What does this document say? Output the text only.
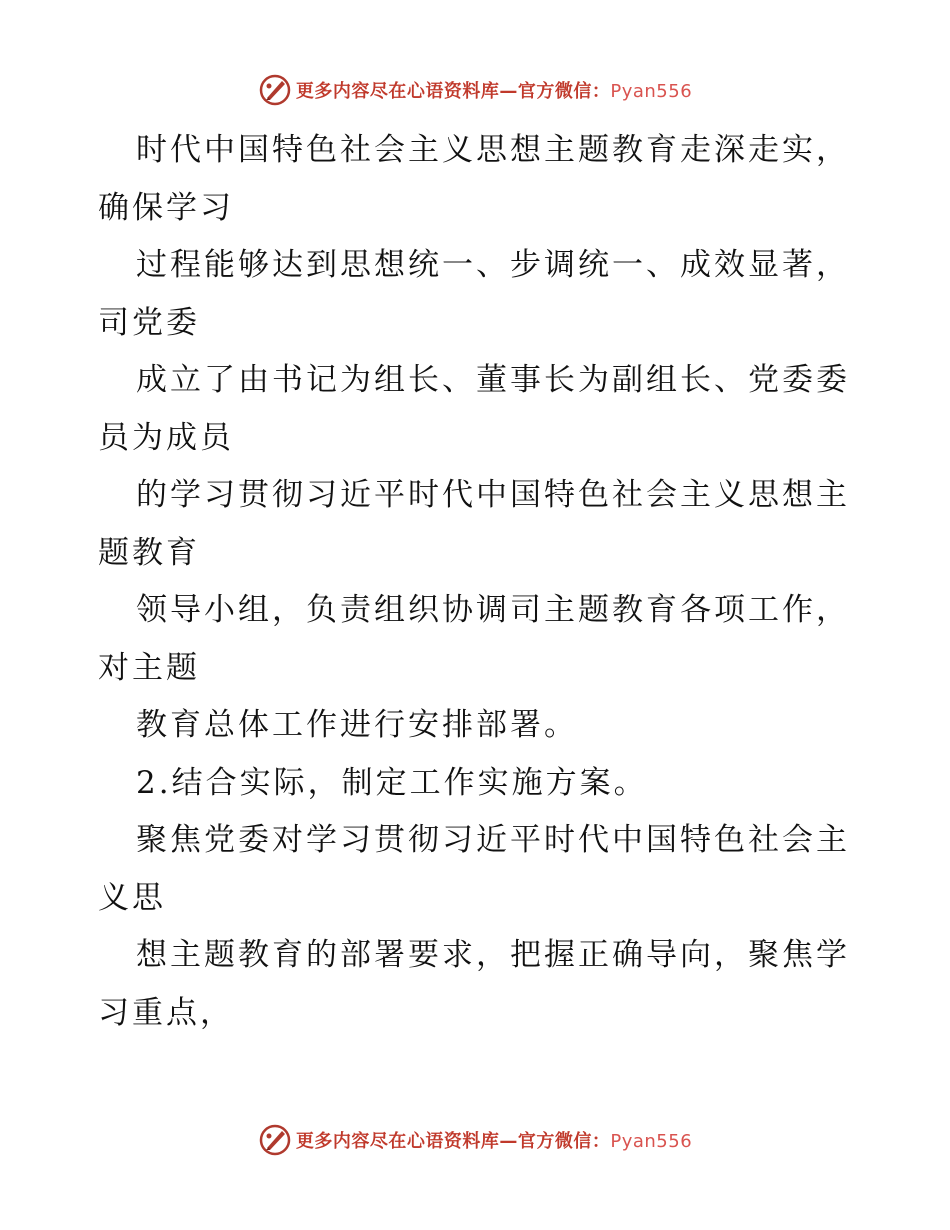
更多内容尽在心语资料库—官方微信：Pyan556
时代中国特色社会主义思想主题教育走深走实，
确保学习
过程能够达到思想统一、步调统一、成效显著，
司党委
成立了由书记为组长、董事长为副组长、党委委
员为成员
的学习贯彻习近平时代中国特色社会主义思想主
题教育
领导小组，负责组织协调司主题教育各项工作，
对主题
教育总体工作进行安排部署。
2.结合实际，制定工作实施方案。
聚焦党委对学习贯彻习近平时代中国特色社会主
义思
想主题教育的部署要求，把握正确导向，聚焦学
习重点，
更多内容尽在心语资料库—官方微信：Pyan556
